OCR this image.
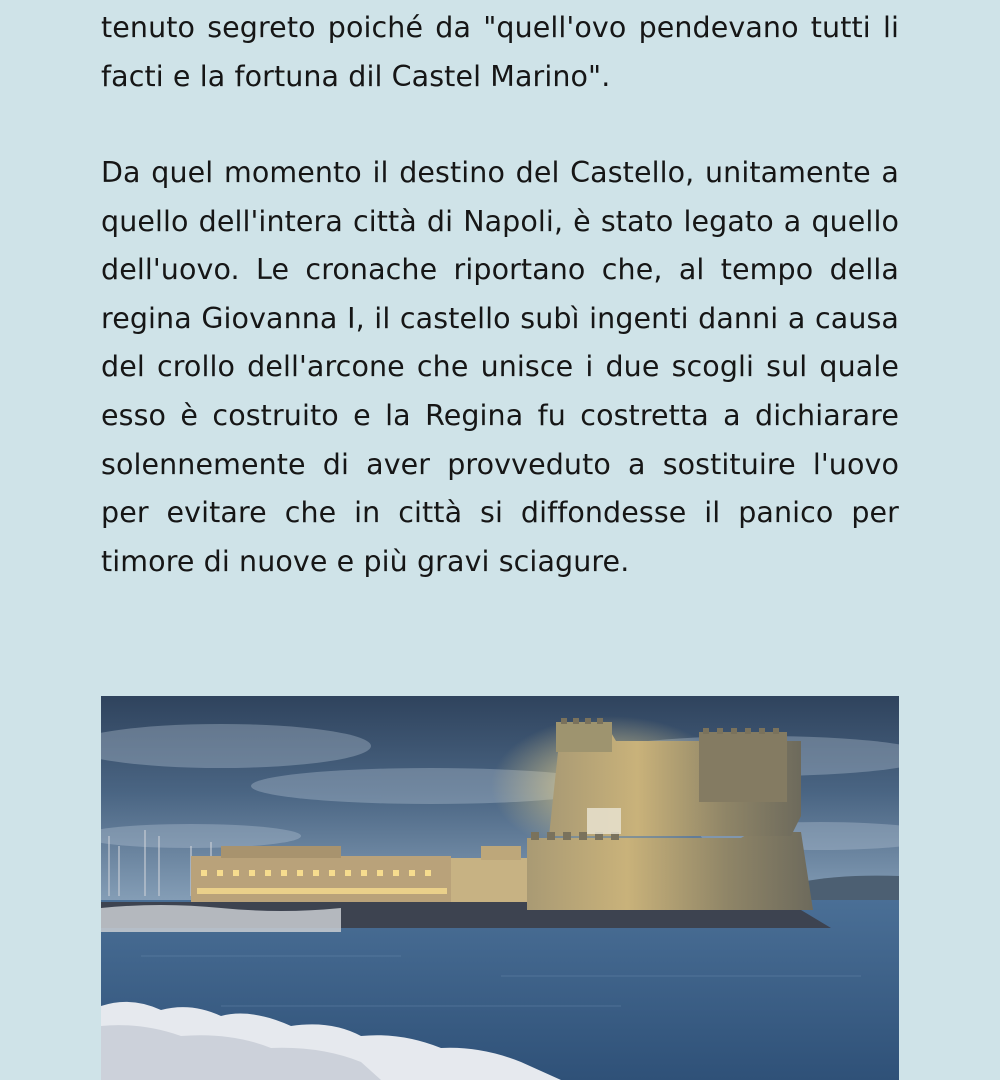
tenuto segreto poiché da "quell'ovo pendevano tutti li facti e la fortuna dil Castel Marino".

Da quel momento il destino del Castello, unitamente a quello dell'intera città di Napoli, è stato legato a quello dell'uovo. Le cronache riportano che, al tempo della regina Giovanna I, il castello subì ingenti danni a causa del crollo dell'arcone che unisce i due scogli sul quale esso è costruito e la Regina fu costretta a dichiarare solennemente di aver provveduto a sostituire l'uovo per evitare che in città si diffondesse il panico per timore di nuove e più gravi sciagure.
